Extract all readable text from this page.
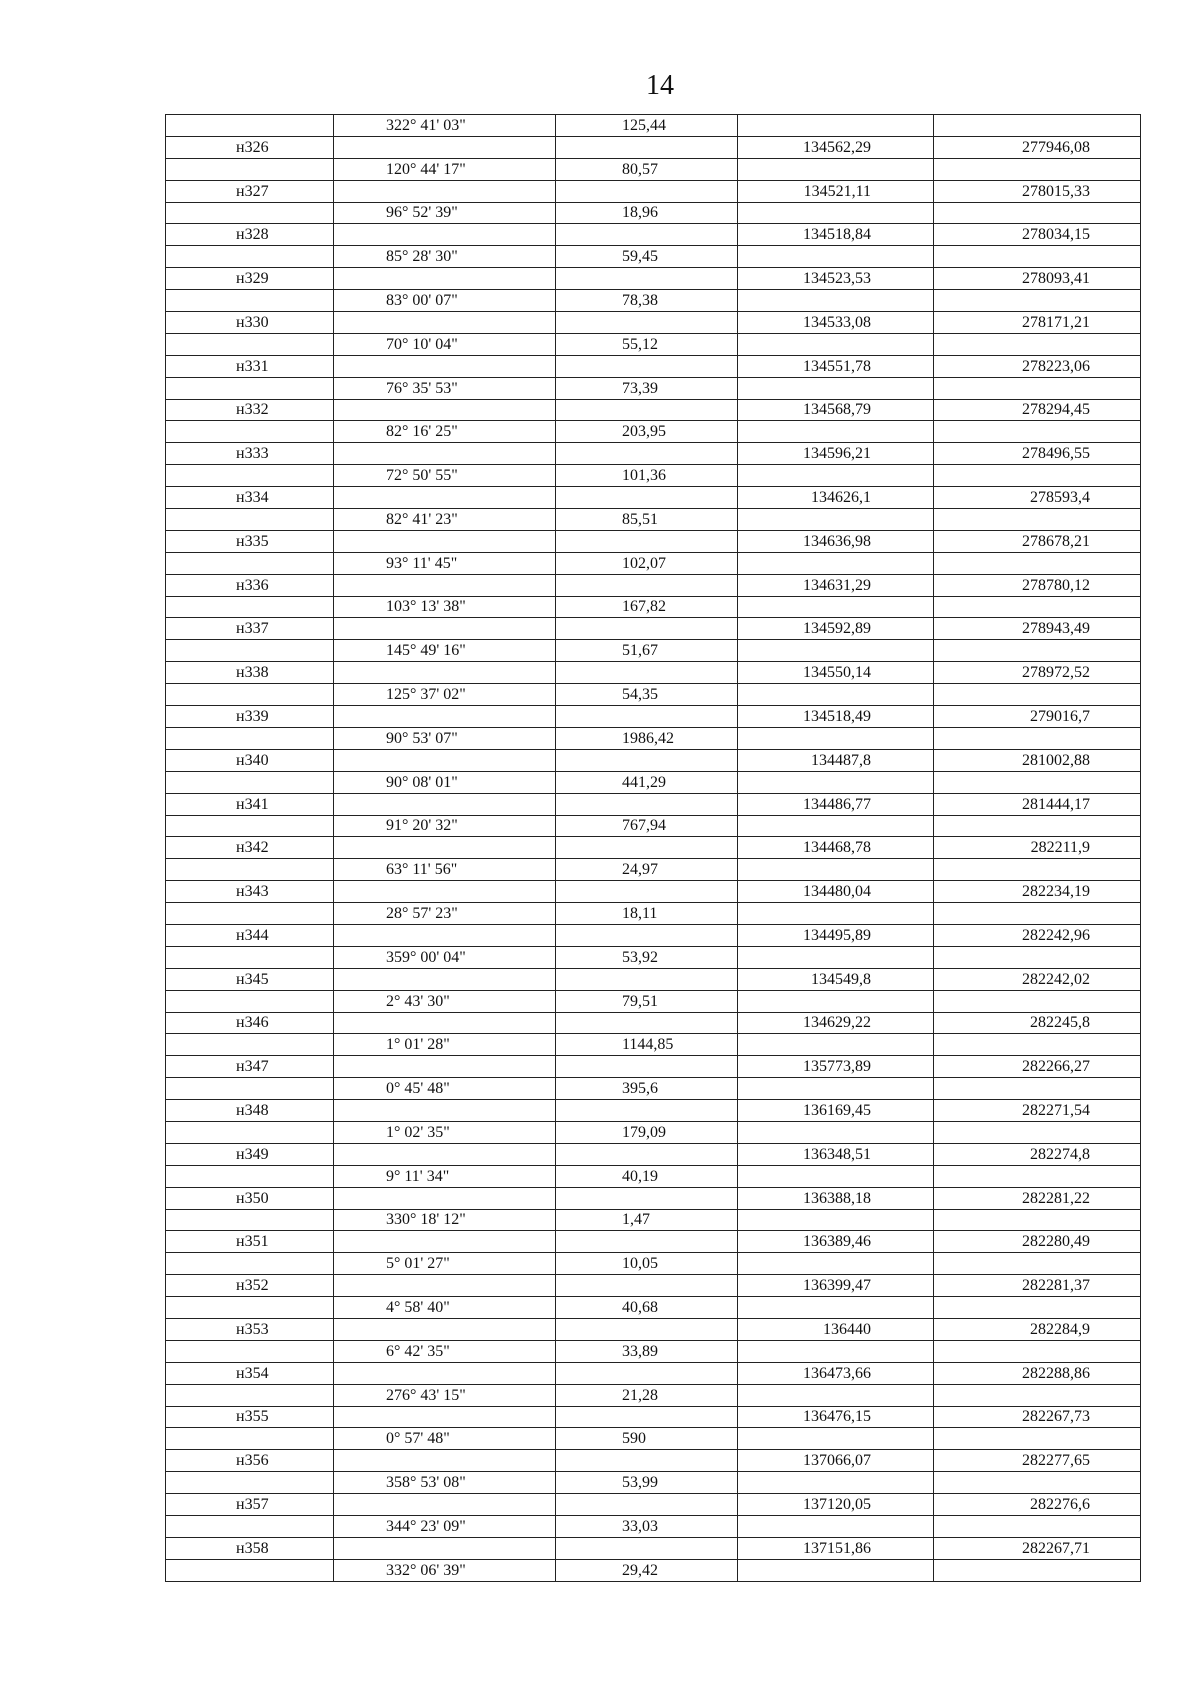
14
	322° 41' 03"	125,44		
н326			134562,29	277946,08
	120° 44' 17"	80,57		
н327			134521,11	278015,33
	96° 52' 39"	18,96		
н328			134518,84	278034,15
	85° 28' 30"	59,45		
н329			134523,53	278093,41
	83° 00' 07"	78,38		
н330			134533,08	278171,21
	70° 10' 04"	55,12		
н331			134551,78	278223,06
	76° 35' 53"	73,39		
н332			134568,79	278294,45
	82° 16' 25"	203,95		
н333			134596,21	278496,55
	72° 50' 55"	101,36		
н334			134626,1	278593,4
	82° 41' 23"	85,51		
н335			134636,98	278678,21
	93° 11' 45"	102,07		
н336			134631,29	278780,12
	103° 13' 38"	167,82		
н337			134592,89	278943,49
	145° 49' 16"	51,67		
н338			134550,14	278972,52
	125° 37' 02"	54,35		
н339			134518,49	279016,7
	90° 53' 07"	1986,42		
н340			134487,8	281002,88
	90° 08' 01"	441,29		
н341			134486,77	281444,17
	91° 20' 32"	767,94		
н342			134468,78	282211,9
	63° 11' 56"	24,97		
н343			134480,04	282234,19
	28° 57' 23"	18,11		
н344			134495,89	282242,96
	359° 00' 04"	53,92		
н345			134549,8	282242,02
	2° 43' 30"	79,51		
н346			134629,22	282245,8
	1° 01' 28"	1144,85		
н347			135773,89	282266,27
	0° 45' 48"	395,6		
н348			136169,45	282271,54
	1° 02' 35"	179,09		
н349			136348,51	282274,8
	9° 11' 34"	40,19		
н350			136388,18	282281,22
	330° 18' 12"	1,47		
н351			136389,46	282280,49
	5° 01' 27"	10,05		
н352			136399,47	282281,37
	4° 58' 40"	40,68		
н353			136440	282284,9
	6° 42' 35"	33,89		
н354			136473,66	282288,86
	276° 43' 15"	21,28		
н355			136476,15	282267,73
	0° 57' 48"	590		
н356			137066,07	282277,65
	358° 53' 08"	53,99		
н357			137120,05	282276,6
	344° 23' 09"	33,03		
н358			137151,86	282267,71
	332° 06' 39"	29,42		
